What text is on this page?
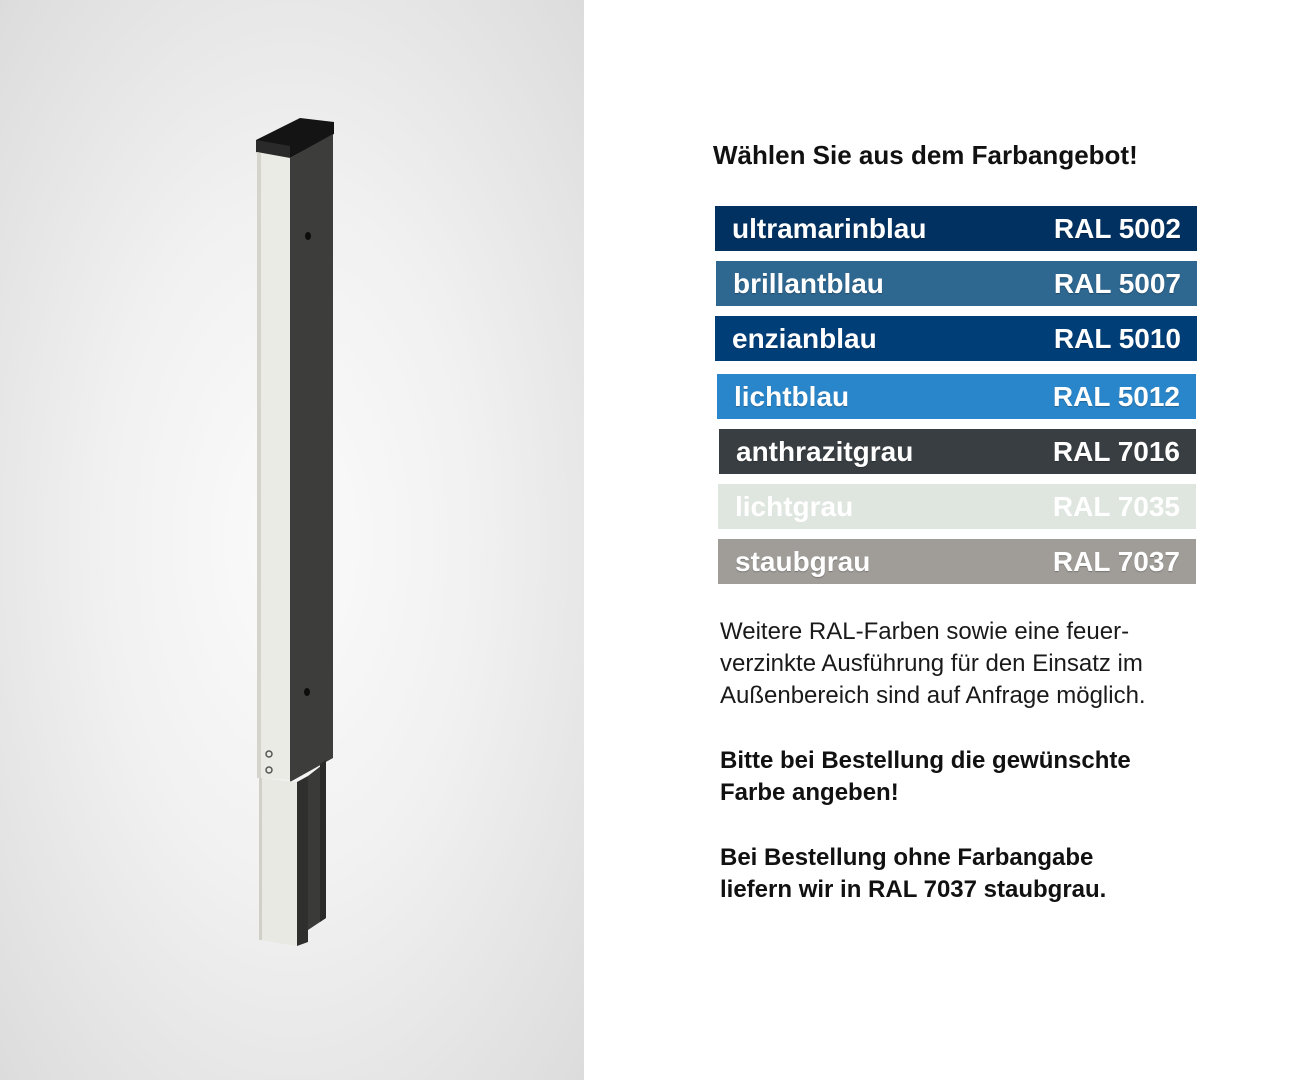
Wählen Sie aus dem Farbangebot!
ultramarinblau	RAL 5002
brillantblau	RAL 5007
enzianblau	RAL 5010
lichtblau	RAL 5012
anthrazitgrau	RAL 7016
lichtgrau	RAL 7035
staubgrau	RAL 7037

Weitere RAL-Farben sowie eine feuer-
verzinkte Ausführung für den Einsatz im
Außenbereich sind auf Anfrage möglich.

Bitte bei Bestellung die gewünschte
Farbe angeben!

Bei Bestellung ohne Farbangabe
liefern wir in RAL 7037 staubgrau.
